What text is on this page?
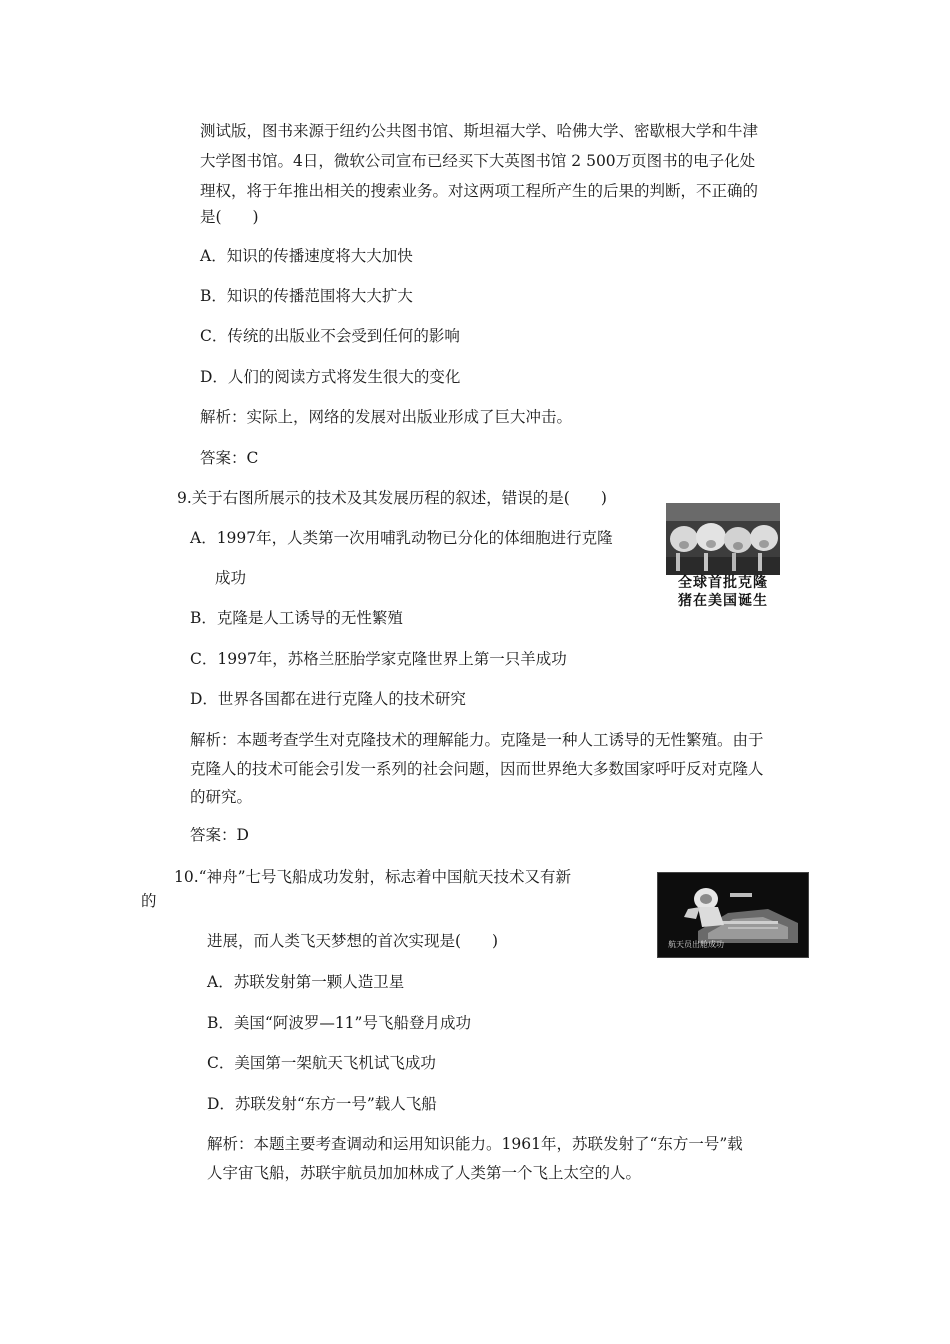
测试版，图书来源于纽约公共图书馆、斯坦福大学、哈佛大学、密歇根大学和牛津
大学图书馆。4日，微软公司宣布已经买下大英图书馆 2 500万页图书的电子化处
理权，将于年推出相关的搜索业务。对这两项工程所产生的后果的判断，不正确的
是(　　)
A．知识的传播速度将大大加快
B．知识的传播范围将大大扩大
C．传统的出版业不会受到任何的影响
D．人们的阅读方式将发生很大的变化
解析：实际上，网络的发展对出版业形成了巨大冲击。
答案：C
9.关于右图所展示的技术及其发展历程的叙述，错误的是(　　)
A．1997年，人类第一次用哺乳动物已分化的体细胞进行克隆
成功
B．克隆是人工诱导的无性繁殖
C．1997年，苏格兰胚胎学家克隆世界上第一只羊成功
D．世界各国都在进行克隆人的技术研究
解析：本题考查学生对克隆技术的理解能力。克隆是一种人工诱导的无性繁殖。由于
克隆人的技术可能会引发一系列的社会问题，因而世界绝大多数国家呼吁反对克隆人
的研究。
答案：D
全球首批克隆
猪在美国诞生
10.“神舟”七号飞船成功发射，标志着中国航天技术又有新
的
进展，而人类飞天梦想的首次实现是(　　)
A．苏联发射第一颗人造卫星
B．美国“阿波罗—11”号飞船登月成功
C．美国第一架航天飞机试飞成功
D．苏联发射“东方一号”载人飞船
解析：本题主要考查调动和运用知识能力。1961年，苏联发射了“东方一号”载
人宇宙飞船，苏联宇航员加加林成了人类第一个飞上太空的人。
航天员出舱成功
